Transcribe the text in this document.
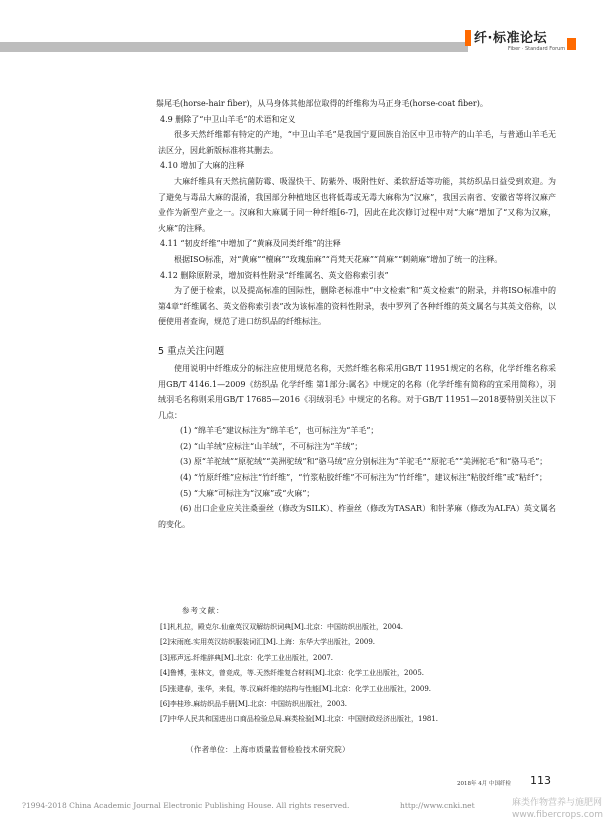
纤·标准论坛
Fiber · Standard Forum
鬃尾毛(horse-hair fiber)，从马身体其他部位取得的纤维称为马正身毛(horse-coat fiber)。
4.9 删除了“中卫山羊毛”的术语和定义
很多天然纤维都有特定的产地，“中卫山羊毛”是我国宁夏回族自治区中卫市特产的山羊毛，与普通山羊毛无法区分，因此新版标准将其删去。
4.10 增加了大麻的注释
大麻纤维具有天然抗菌防霉、吸湿快干、防紫外、吸附性好、柔软舒适等功能，其纺织品日益受到欢迎。为了避免与毒品大麻的混淆，我国部分种植地区也将低毒或无毒大麻称为“汉麻”，我国云南省、安徽省等将汉麻产业作为新型产业之一。汉麻和大麻属于同一种纤维[6-7]，因此在此次修订过程中对“大麻”增加了“又称为汉麻，火麻”的注释。
4.11 “韧皮纤维”中增加了“黄麻及同类纤维”的注释
根据ISO标准，对“黄麻”“檀麻”“玫瑰茄麻”“肖梵天花麻”“苘麻”“刺蒴麻”增加了统一的注释。
4.12 删除原附录，增加资料性附录“纤维属名、英文俗称索引表”
为了便于检索，以及提高标准的国际性，删除老标准中“中文检索”和“英文检索”的附录，并将ISO标准中的第4章“纤维属名、英文俗称索引表”改为该标准的资料性附录，表中罗列了各种纤维的英文属名与其英文俗称，以便使用者查询，规范了进口纺织品的纤维标注。
5 重点关注问题
使用说明中纤维成分的标注应使用规范名称，天然纤维名称采用GB/T 11951规定的名称，化学纤维名称采用GB/T 4146.1—2009《纺织品 化学纤维 第1部分:属名》中规定的名称（化学纤维有简称的宜采用简称），羽绒羽毛名称则采用GB/T 17685—2016《羽绒羽毛》中规定的名称。对于GB/T 11951—2018要特别关注以下几点：
(1) “绵羊毛”建议标注为“绵羊毛”，也可标注为“羊毛”；
(2) “山羊绒”应标注“山羊绒”，不可标注为“羊绒”；
(3) 原“羊驼绒”“原驼绒”“美洲驼绒”和“骆马绒”应分别标注为“羊驼毛”“原驼毛”“美洲驼毛”和“骆马毛”；
(4) “竹原纤维”应标注“竹纤维”，“竹浆粘胶纤维”不可标注为“竹纤维”，建议标注“粘胶纤维”或“粘纤”；
(5) “大麻”可标注为“汉麻”或“火麻”；
(6) 出口企业应关注桑蚕丝（修改为SILK）、柞蚕丝（修改为TASAR）和针茅麻（修改为ALFA）英文属名的变化。
参考文献：
[1]札札拉，殿克尔.仙童英汉双解纺织词典[M].北京：中国纺织出版社，2004.
[2]宋雨庭.实用英汉纺织服装词汇[M].上海：东华大学出版社，2009.
[3]邢声远.纤维辞典[M].北京：化学工业出版社，2007.
[4]鲁博，张林文，曾竞成，等.天然纤维复合材料[M].北京：化学工业出版社，2005.
[5]张建春，张华，来侃，等.汉麻纤维的结构与性能[M].北京：化学工业出版社，2009.
[6]李桂珍.麻纺织品手册[M].北京：中国纺织出版社，2003.
[7]中华人民共和国进出口商品检验总局.麻类检验[M].北京：中国财政经济出版社，1981.
（作者单位：上海市质量监督检验技术研究院）
2018年 4月 中国纤检 113
?1994-2018 China Academic Journal Electronic Publishing House. All rights reserved.	http://www.cnki.net	麻类作物营养与施肥网
www.fibercrops.com
